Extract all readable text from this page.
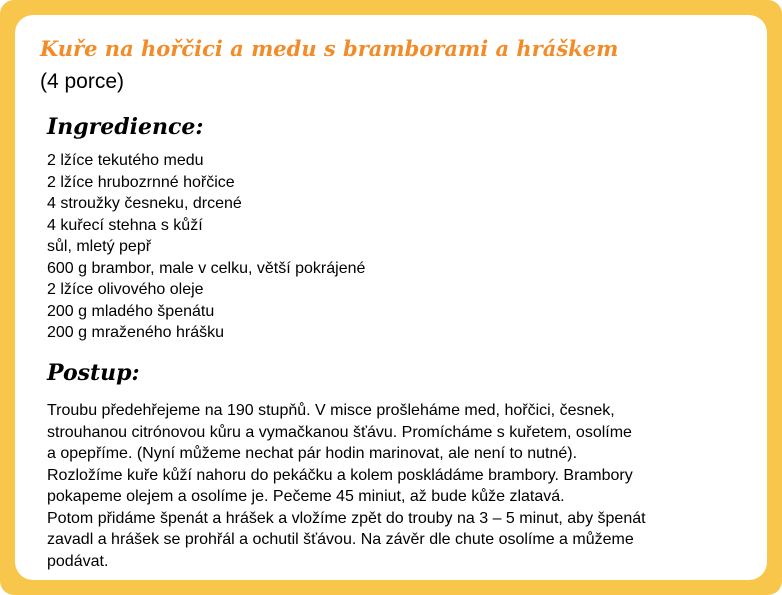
Kuře na hořčici a medu s bramborami a hráškem
(4 porce)
Ingredience:
2 lžíce tekutého medu
2 lžíce hrubozrnné hořčice
4 stroužky česneku, drcené
4 kuřecí stehna s kůží
sůl, mletý pepř
600 g brambor, male v celku, větší pokrájené
2 lžíce olivového oleje
200 g mladého špenátu
200 g mraženého hrášku
Postup:
Troubu předehřejeme na 190 stupňů. V misce prošleháme med, hořčici, česnek,
strouhanou citrónovou kůru a vymačkanou šťávu. Promícháme s kuřetem, osolíme
a opepříme. (Nyní můžeme nechat pár hodin marinovat, ale není to nutné).
Rozložíme kuře kůží nahoru do pekáčku a kolem poskládáme brambory. Brambory
pokapeme olejem a osolíme je. Pečeme 45 miniut, až bude kůže zlatavá.
Potom přidáme špenát a hrášek a vložíme zpět do trouby na 3 – 5 minut, aby špenát
zavadl a hrášek se prohřál a ochutil šťávou. Na závěr dle chute osolíme a můžeme
podávat.
